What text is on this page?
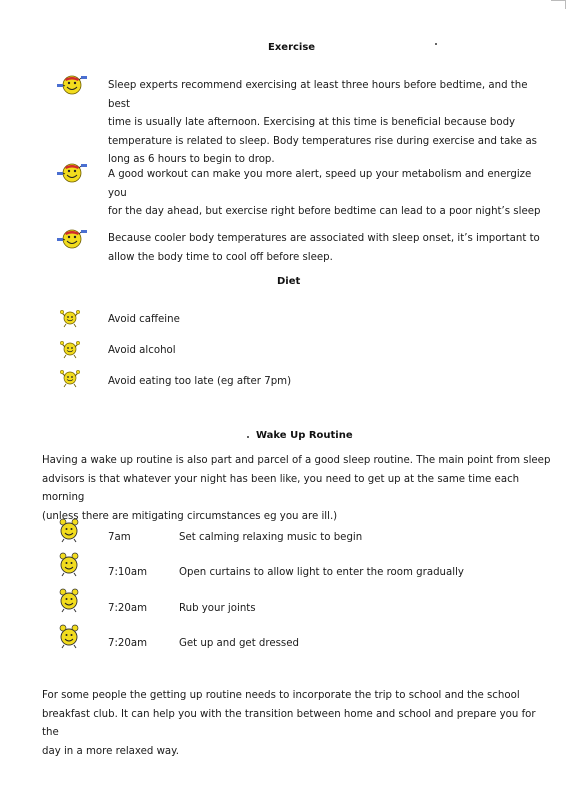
Exercise
Sleep experts recommend exercising at least three hours before bedtime, and the best
time is usually late afternoon. Exercising at this time is beneficial because body
temperature is related to sleep. Body temperatures rise during exercise and take as
long as 6 hours to begin to drop.
A good workout can make you more alert, speed up your metabolism and energize you
for the day ahead, but exercise right before bedtime can lead to a poor night’s sleep
Because cooler body temperatures are associated with sleep onset, it’s important to
allow the body time to cool off before sleep.
Diet
Avoid caffeine
Avoid alcohol
Avoid eating too late (eg after 7pm)
Wake Up Routine
Having a wake up routine is also part and parcel of a good sleep routine. The main point from sleep
advisors is that whatever your night has been like, you need to get up at the same time each morning
(unless there are mitigating circumstances eg you are ill.)
7am	Set calming relaxing music to begin
7:10am	Open curtains to allow light to enter the room gradually
7:20am	Rub your joints
7:20am	Get up and get dressed
For some people the getting up routine needs to incorporate the trip to school and the school
breakfast club. It can help you with the transition between home and school and prepare you for the
day in a more relaxed way.
